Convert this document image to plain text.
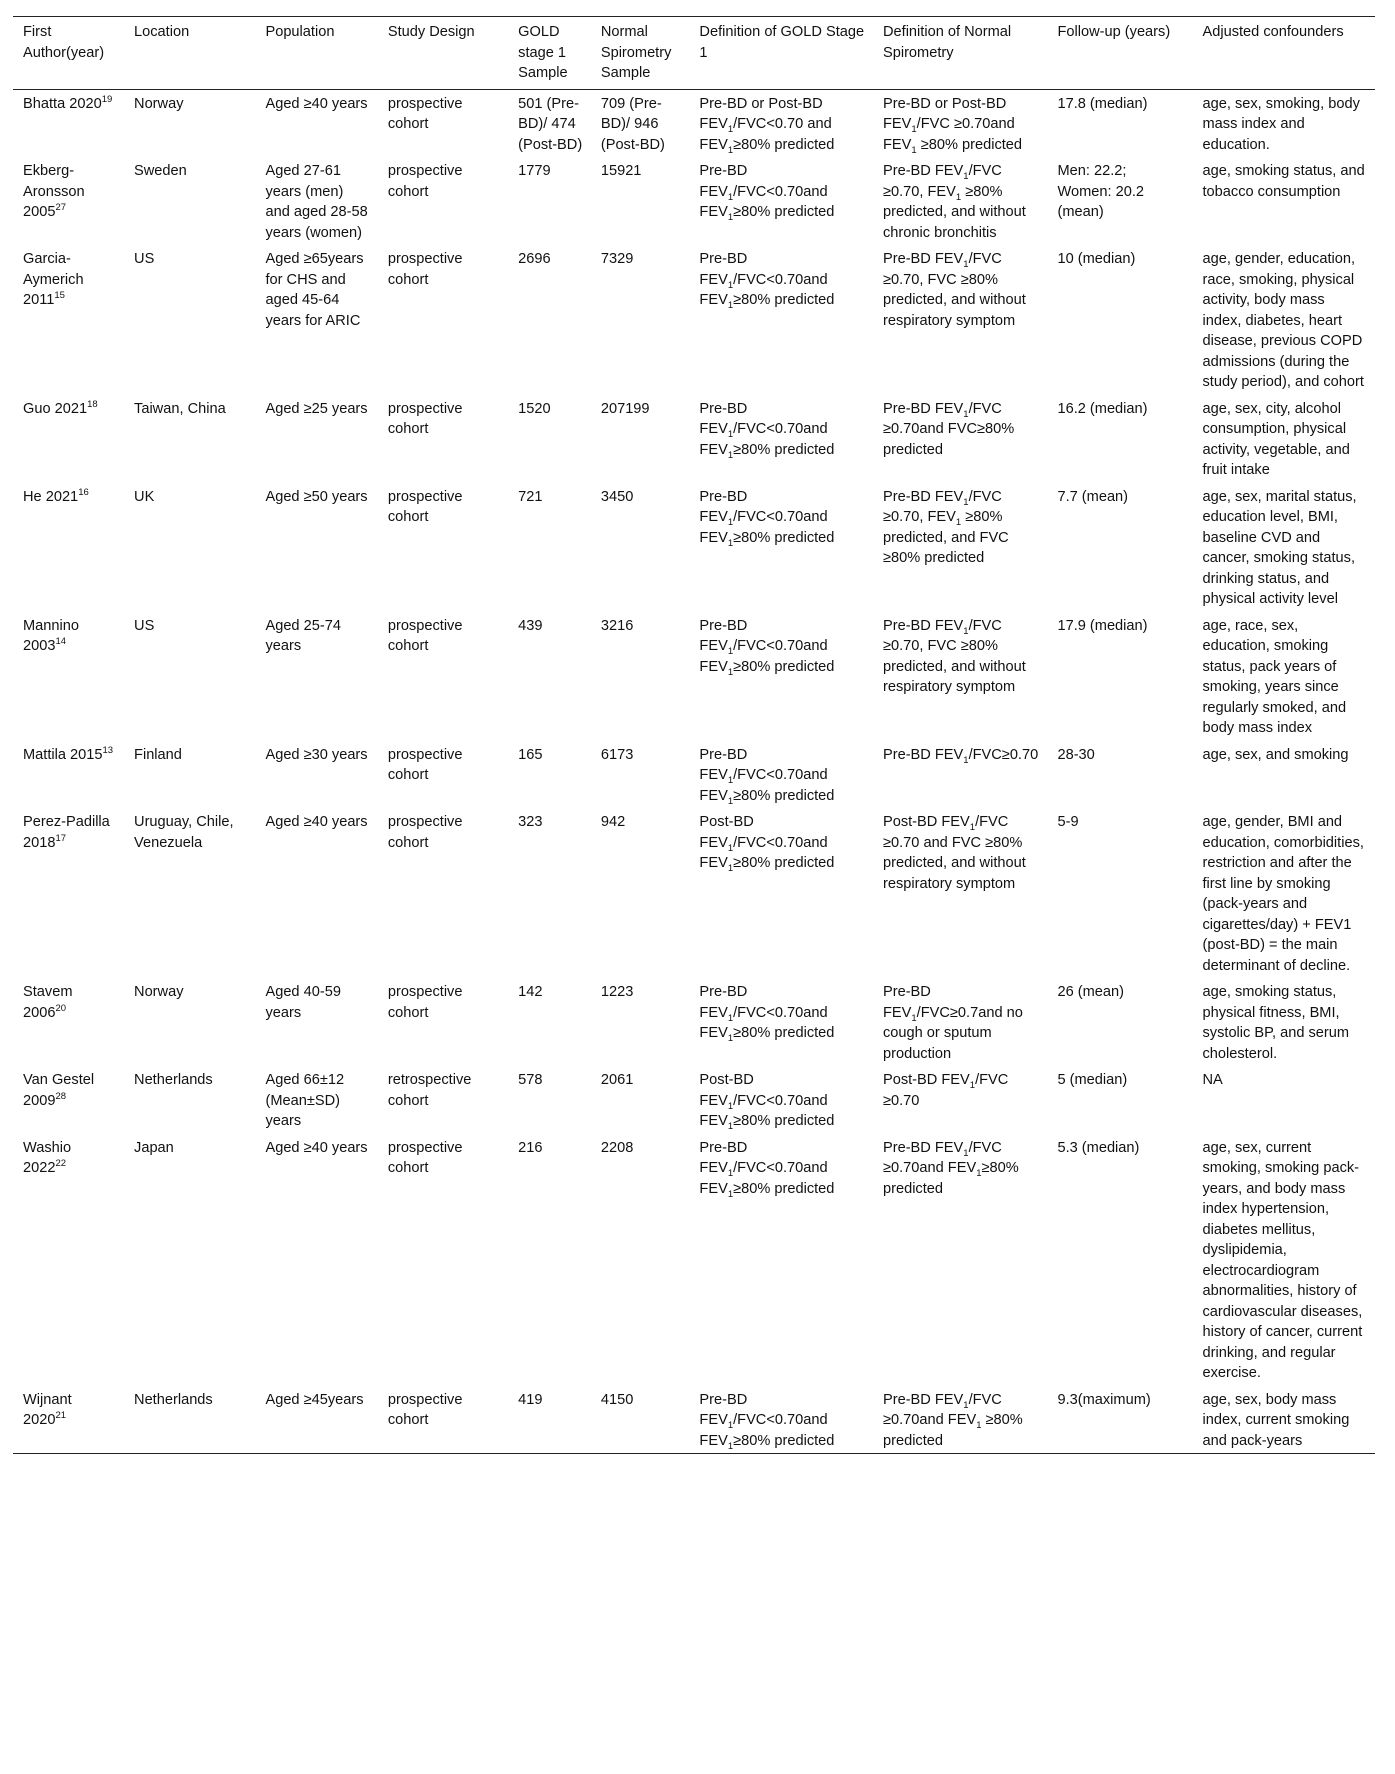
First Author(year)	Location	Population	Study Design	GOLD stage 1 Sample	Normal Spirometry Sample	Definition of GOLD Stage 1	Definition of Normal Spirometry	Follow-up (years)	Adjusted confounders
Bhatta 2020$^{19}$	Norway	Aged ≥40 years	prospective cohort	501 (Pre-BD)/ 474 (Post-BD)	709 (Pre-BD)/ 946 (Post-BD)	Pre-BD or Post-BD $FEV_1/FVC<0.70$ and $FEV_1\ge 80\%$ predicted	Pre-BD or Post-BD $FEV_1$/FVC ≥0.70and $FEV_1 \ge 80\%$ predicted	17.8 (median)	age, sex, smoking, body mass index and education.
Ekberg-Aronsson 2005$^{27}$	Sweden	Aged 27-61 years (men) and aged 28-58 years (women)	prospective cohort	1779	15921	Pre-BD $FEV_1/FVC<0.70and$ $FEV_1\ge 80\%$ predicted	Pre-BD $FEV_1$/FVC ≥0.70, $FEV_1 \ge 80\%$ predicted, and without chronic bronchitis	Men: 22.2; Women: 20.2 (mean)	age, smoking status, and tobacco consumption
Garcia-Aymerich 2011$^{15}$	US	Aged ≥65years for CHS and aged 45-64 years for ARIC	prospective cohort	2696	7329	Pre-BD $FEV_1/FVC<0.70and$ $FEV_1\ge 80\%$ predicted	Pre-BD $FEV_1$/FVC ≥0.70, FVC ≥80% predicted, and without respiratory symptom	10 (median)	age, gender, education, race, smoking, physical activity, body mass index, diabetes, heart disease, previous COPD admissions (during the study period), and cohort
Guo 2021$^{18}$	Taiwan, China	Aged ≥25 years	prospective cohort	1520	207199	Pre-BD $FEV_1/FVC<0.70and$ $FEV_1\ge 80\%$ predicted	Pre-BD $FEV_1$/FVC ≥0.70and FVC≥80% predicted	16.2 (median)	age, sex, city, alcohol consumption, physical activity, vegetable, and fruit intake
He 2021$^{16}$	UK	Aged ≥50 years	prospective cohort	721	3450	Pre-BD $FEV_1/FVC<0.70and$ $FEV_1\ge 80\%$ predicted	Pre-BD $FEV_1$/FVC ≥0.70, $FEV_1 \ge 80\%$ predicted, and FVC ≥80% predicted	7.7 (mean)	age, sex, marital status, education level, BMI, baseline CVD and cancer, smoking status, drinking status, and physical activity level
Mannino 2003$^{14}$	US	Aged 25-74 years	prospective cohort	439	3216	Pre-BD $FEV_1/FVC<0.70and$ $FEV_1\ge 80\%$ predicted	Pre-BD $FEV_1$/FVC ≥0.70, FVC ≥80% predicted, and without respiratory symptom	17.9 (median)	age, race, sex, education, smoking status, pack years of smoking, years since regularly smoked, and body mass index
Mattila 2015$^{13}$	Finland	Aged ≥30 years	prospective cohort	165	6173	Pre-BD $FEV_1/FVC<0.70and$ $FEV_1\ge 80\%$ predicted	Pre-BD $FEV_1/FVC\ge 0.70$	28-30	age, sex, and smoking
Perez-Padilla 2018$^{17}$	Uruguay, Chile, Venezuela	Aged ≥40 years	prospective cohort	323	942	Post-BD $FEV_1/FVC<0.70and$ $FEV_1\ge 80\%$ predicted	Post-BD $FEV_1$/FVC ≥0.70 and FVC ≥80% predicted, and without respiratory symptom	5-9	age, gender, BMI and education, comorbidities, restriction and after the first line by smoking (pack-years and cigarettes/day) + FEV1 (post-BD) = the main determinant of decline.
Stavem 2006$^{20}$	Norway	Aged 40-59 years	prospective cohort	142	1223	Pre-BD $FEV_1/FVC<0.70and$ $FEV_1\ge 80\%$ predicted	Pre-BD $FEV_1/FVC\ge 0.7and$ no cough or sputum production	26 (mean)	age, smoking status, physical fitness, BMI, systolic BP, and serum cholesterol.
Van Gestel 2009$^{28}$	Netherlands	Aged 66±12 (Mean±SD) years	retrospective cohort	578	2061	Post-BD $FEV_1/FVC<0.70and$ $FEV_1\ge 80\%$ predicted	Post-BD $FEV_1$/FVC ≥0.70	5 (median)	NA
Washio 2022$^{22}$	Japan	Aged ≥40 years	prospective cohort	216	2208	Pre-BD $FEV_1/FVC<0.70and$ $FEV_1\ge 80\%$ predicted	Pre-BD $FEV_1$/FVC ≥0.70and $FEV_1\ge 80\%$ predicted	5.3 (median)	age, sex, current smoking, smoking pack-years, and body mass index hypertension, diabetes mellitus, dyslipidemia, electrocardiogram abnormalities, history of cardiovascular diseases, history of cancer, current drinking, and regular exercise.
Wijnant 2020$^{21}$	Netherlands	Aged ≥45years	prospective cohort	419	4150	Pre-BD $FEV_1/FVC<0.70and$ $FEV_1\ge 80\%$ predicted	Pre-BD $FEV_1$/FVC ≥0.70and $FEV_1 \ge 80\%$ predicted	9.3(maximum)	age, sex, body mass index, current smoking and pack-years
